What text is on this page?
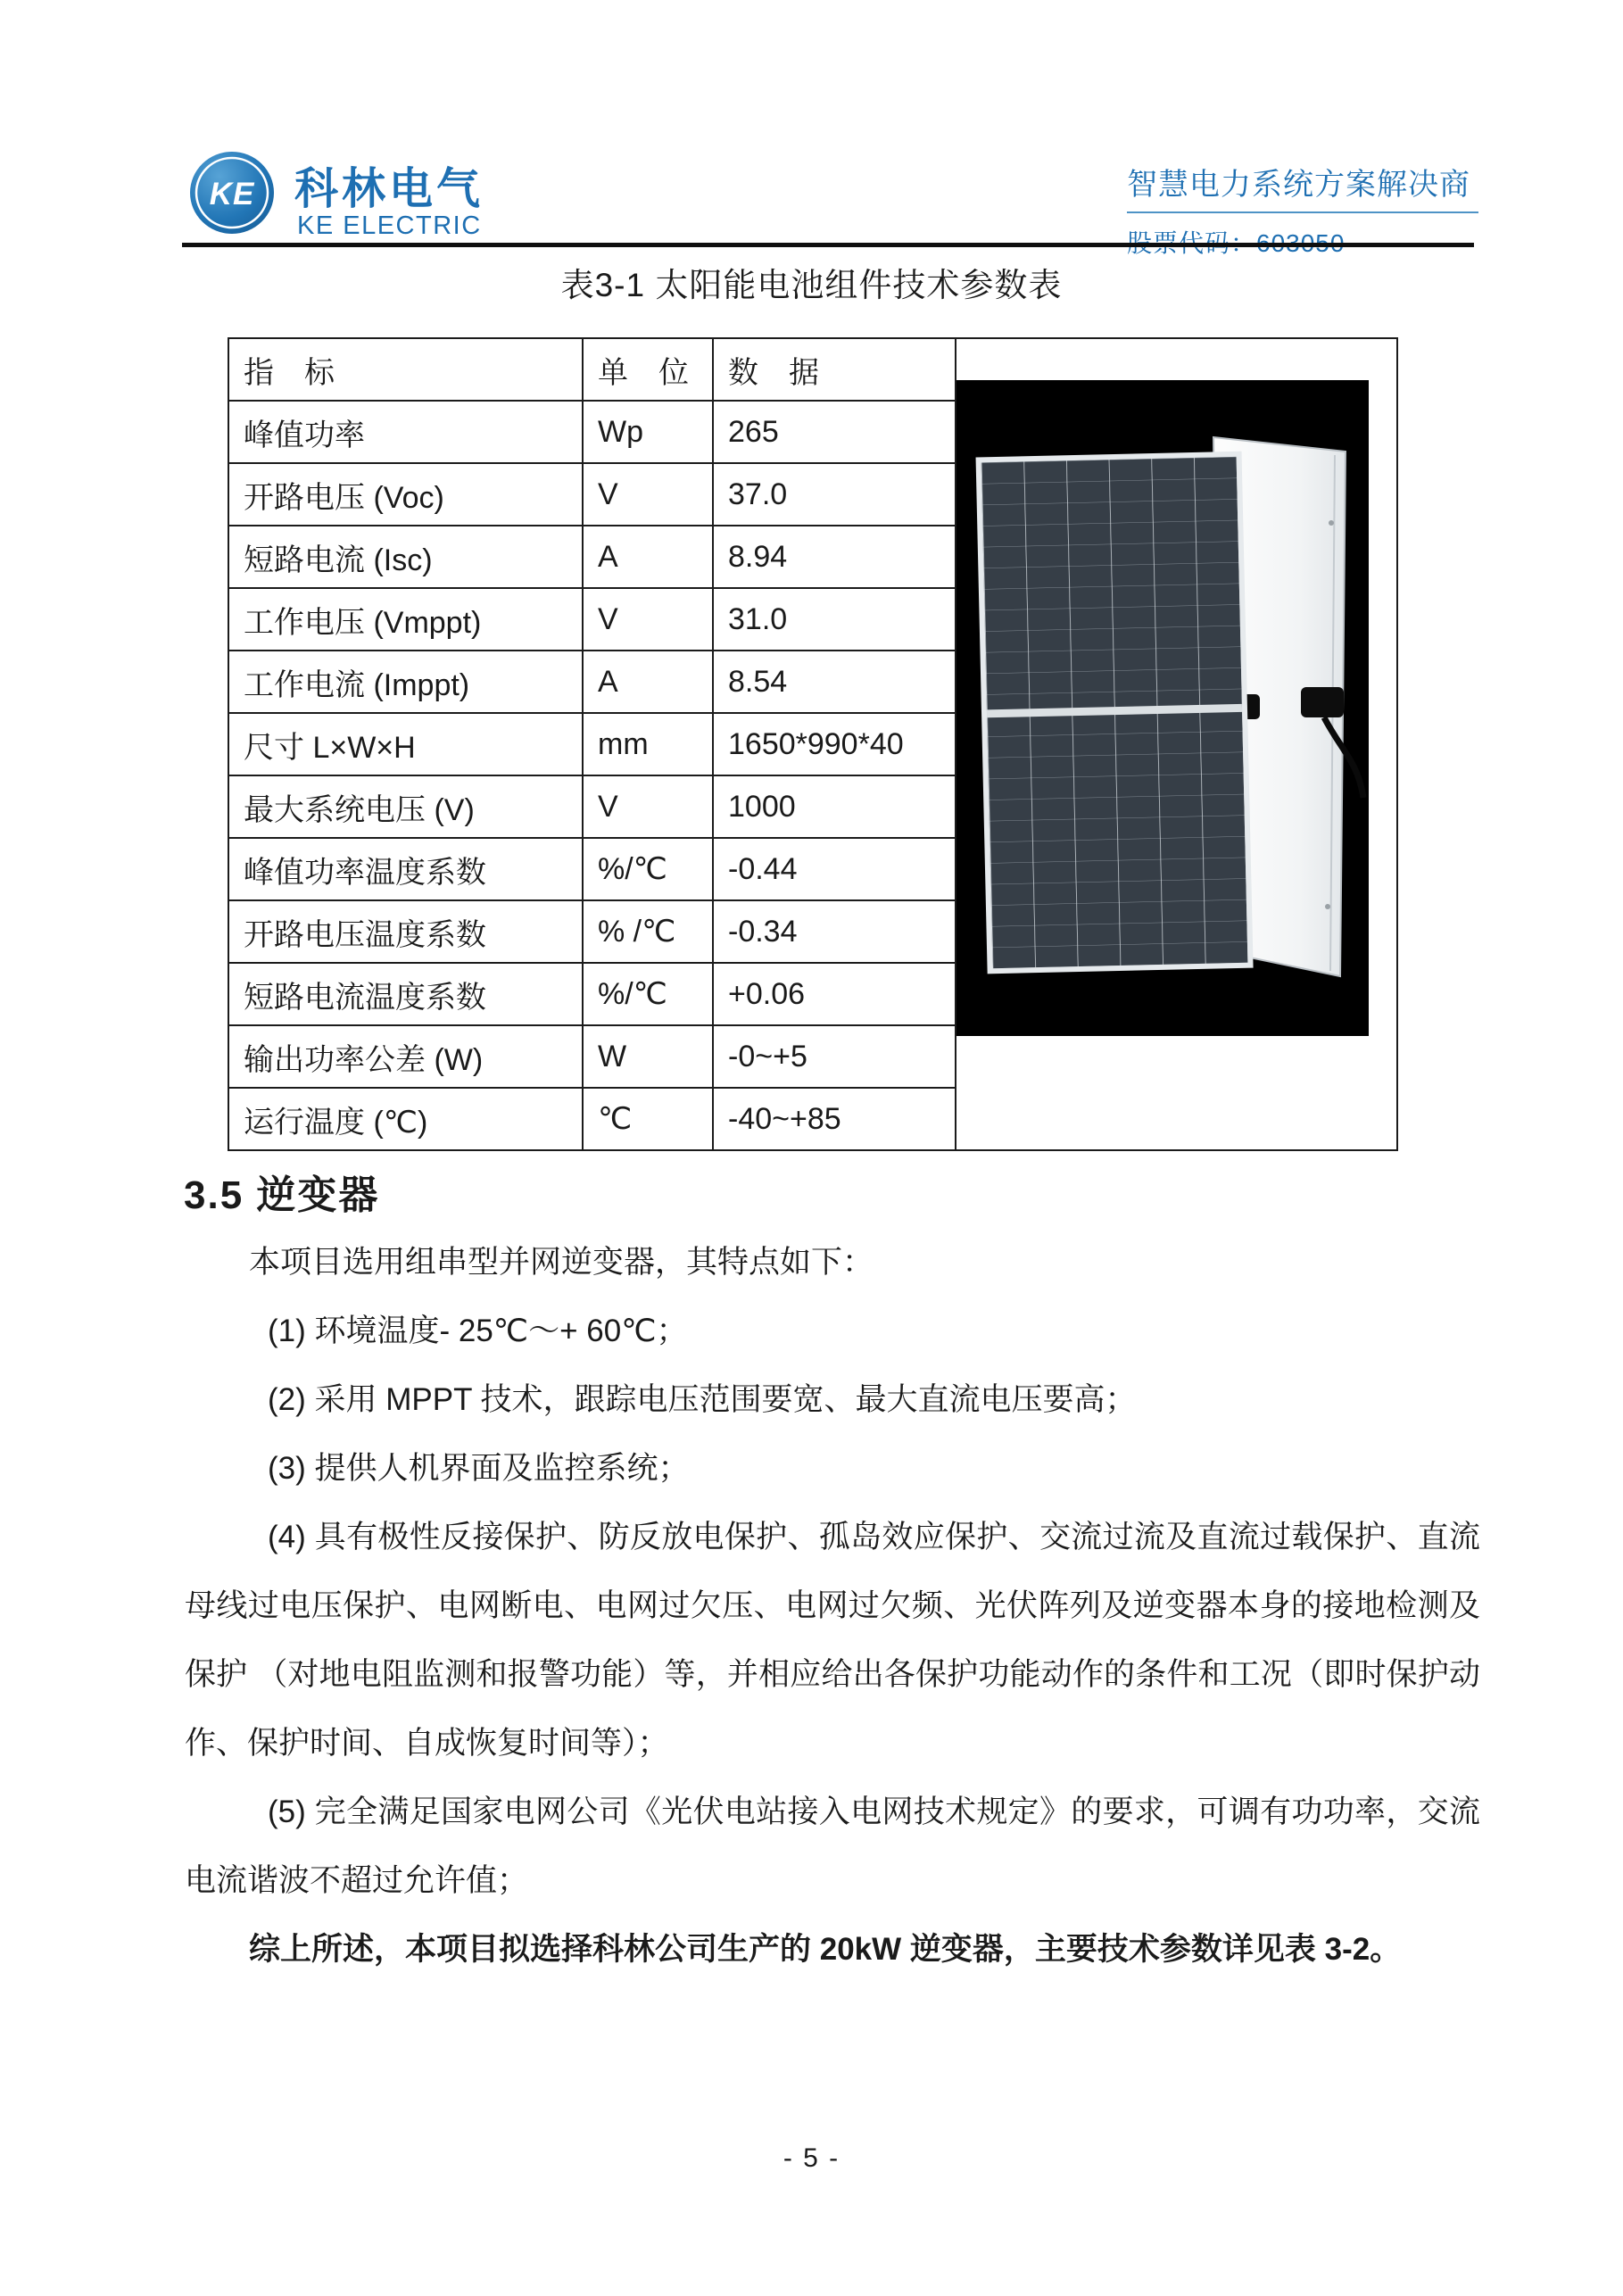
KE 科林电气
KE ELECTRIC
智慧电力系统方案解决商
表3-1 太阳能电池组件技术参数表
指　标	单　位	数　据	
峰值功率	Wp	265	
开路电压 (Voc)	V	37.0	
短路电流 (Isc)	A	8.94	
工作电压 (Vmppt)	V	31.0	
工作电流 (Imppt)	A	8.54	
尺寸 L×W×H	mm	1650*990*40	
最大系统电压 (V)	V	1000	
峰值功率温度系数	%/℃	-0.44	
开路电压温度系数	% /℃	-0.34	
短路电流温度系数	%/℃	+0.06	
输出功率公差 (W)	W	-0~+5	
运行温度 (℃)	℃	-40~+85	
3.5 逆变器

本项目选用组串型并网逆变器，其特点如下：

(1) 环境温度- 25℃～+ 60℃；

(2) 采用 MPPT 技术，跟踪电压范围要宽、最大直流电压要高；

(3) 提供人机界面及监控系统；

(4) 具有极性反接保护、防反放电保护、孤岛效应保护、交流过流及直流过载保护、直流母线过电压保护、电网断电、电网过欠压、电网过欠频、光伏阵列及逆变器本身的接地检测及保护 （对地电阻监测和报警功能）等，并相应给出各保护功能动作的条件和工况（即时保护动作、保护时间、自成恢复时间等）；

(5) 完全满足国家电网公司《光伏电站接入电网技术规定》的要求，可调有功功率，交流电流谐波不超过允许值；

综上所述，本项目拟选择科林公司生产的 20kW 逆变器，主要技术参数详见表 3-2。

- 5 -
